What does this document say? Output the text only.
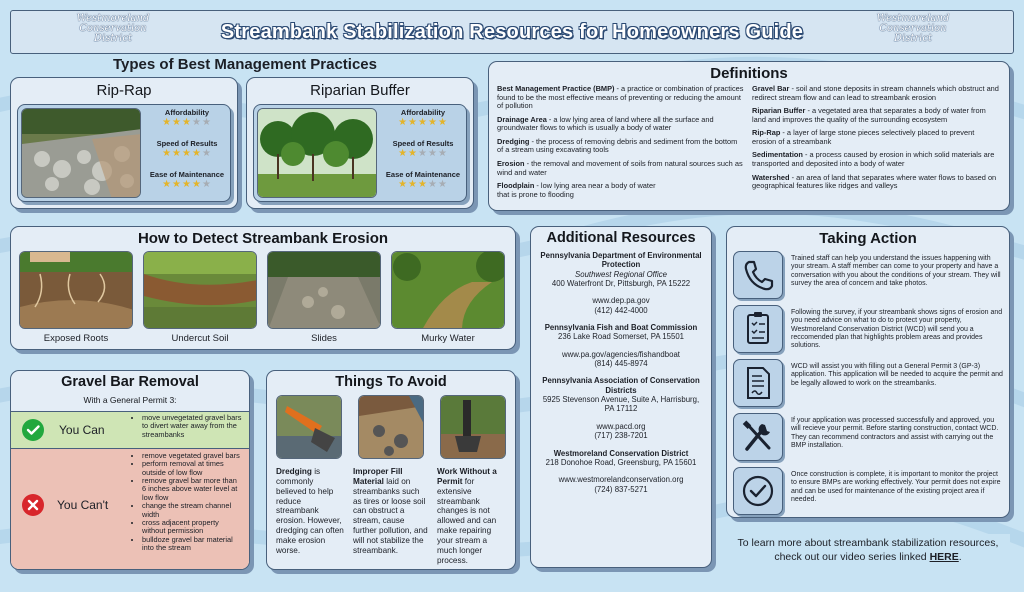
Westmoreland
Conservation
District	Streambank Stabilization Resources for Homeowners Guide
Westmoreland
Conservation
District
Types of Best Management Practices
Rip-Rap
Affordability
★★★★★
Speed of Results
★★★★★
Ease of Maintenance
★★★★★
Riparian Buffer
Affordability
★★★★★
Speed of Results
★★★★★
Ease of Maintenance
★★★★★
Definitions

Best Management Practice (BMP) - a practice or combination of practices found to be the most effective means of preventing or reducing the amount of pollution

Drainage Area - a low lying area of land where all the surface and groundwater flows to which is usually a body of water

Dredging - the process of removing debris and sediment from the bottom of a stream using excavating tools

Erosion - the removal and movement of soils from natural sources such as wind and water

Floodplain - low lying area near a body of water that is prone to flooding

Gravel Bar - soil and stone deposits in stream channels which obstruct and redirect stream flow and can lead to streambank erosion

Riparian Buffer - a vegetated area that separates a body of water from land and improves the quality of the surrounding ecosystem

Rip-Rap - a layer of large stone pieces selectively placed to prevent erosion of a streambank

Sedimentation - a process caused by erosion in which solid materials are transported and deposited into a body of water

Watershed - an area of land that separates where water flows to based on geographical features like ridges and valleys

How to Detect Streambank Erosion
Exposed Roots	Undercut Soil	Slides	Murky Water
Additional Resources

Pennsylvania Department of Environmental Protection

Southwest Regional Office

400 Waterfront Dr, Pittsburgh, PA 15222

www.dep.pa.gov

(412) 442-4000

Pennsylvania Fish and Boat Commission

236 Lake Road Somerset, PA 15501

www.pa.gov/agencies/fishandboat

(814) 445-8974

Pennsylvania Association of Conservation Districts

5925 Stevenson Avenue, Suite A, Harrisburg, PA 17112

www.pacd.org

(717) 238-7201

Westmoreland Conservation District

218 Donohoe Road, Greensburg, PA 15601

www.westmorelandconservation.org

(724) 837-5271

Taking Action
Trained staff can help you understand the issues happening with your stream. A staff member can come to your property and have a conversation with you about the conditions of your stream. They will survey the area of concern and take photos.
Following the survey, if your streambank shows signs of erosion and you need advice on what to do to protect your property, Westmoreland Conservation District (WCD) will send you a reccomended plan that highlights problem areas and provides solutions.
WCD will assist you with filling out a General Permit 3 (GP-3) application. This application will be needed to acquire the permit and be legally allowed to work on the streambanks.
If your application was processed successfully and approved, you will recieve your permit. Before starting construction, contact WCD. They can recommend contractors and assist with carrying out the BMP installation.
Once construction is complete, it is important to monitor the project to ensure BMPs are working effectively. Your permit does not expire and can be used for maintenance of the existing project area if needed.
To learn more about streambank stabilization resources, check out our video series linked HERE.
Gravel Bar Removal
With a General Permit 3:
You Can
• move unvegetated gravel bars to divert water away from the streambanks
You Can't
• remove vegetated gravel bars
• perform removal at times outside of low flow
• remove gravel bar more than 6 inches above water level at low flow
• change the stream channel width
• cross adjacent property without permission
• bulldoze gravel bar material into the stream
Things To Avoid
Dredging is commonly believed to help reduce streambank erosion. However, dredging can often make erosion worse.
Improper Fill Material laid on streambanks such as tires or loose soil can obstruct a stream, cause further pollution, and will not stabilize the streambank.
Work Without a Permit for extensive streambank changes is not allowed and can make repairing your stream a much longer process.
